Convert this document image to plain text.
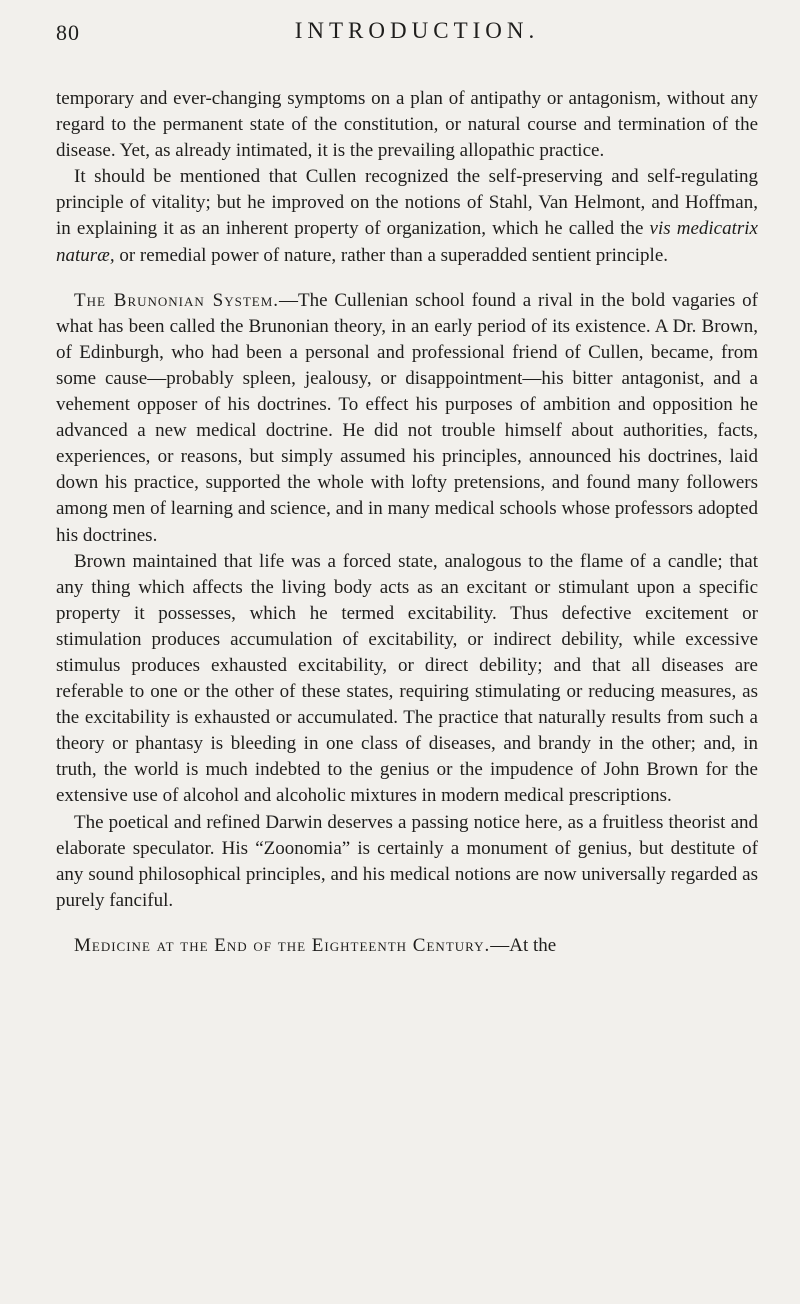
80	INTRODUCTION.

temporary and ever-changing symptoms on a plan of antipathy or antagonism, without any regard to the permanent state of the constitution, or natural course and termination of the disease. Yet, as already intimated, it is the prevailing allopathic practice.

It should be mentioned that Cullen recognized the self-preserving and self-regulating principle of vitality; but he improved on the notions of Stahl, Van Helmont, and Hoffman, in explaining it as an inherent property of organization, which he called the vis medicatrix naturæ, or remedial power of nature, rather than a superadded sentient principle.

The Brunonian System.—The Cullenian school found a rival in the bold vagaries of what has been called the Brunonian theory, in an early period of its existence. A Dr. Brown, of Edinburgh, who had been a personal and professional friend of Cullen, became, from some cause—probably spleen, jealousy, or disappointment—his bitter antagonist, and a vehement opposer of his doctrines. To effect his purposes of ambition and opposition he advanced a new medical doctrine. He did not trouble himself about authorities, facts, experiences, or reasons, but simply assumed his principles, announced his doctrines, laid down his practice, supported the whole with lofty pretensions, and found many followers among men of learning and science, and in many medical schools whose professors adopted his doctrines.

Brown maintained that life was a forced state, analogous to the flame of a candle; that any thing which affects the living body acts as an excitant or stimulant upon a specific property it possesses, which he termed excitability. Thus defective excitement or stimulation produces accumulation of excitability, or indirect debility, while excessive stimulus produces exhausted excitability, or direct debility; and that all diseases are referable to one or the other of these states, requiring stimulating or reducing measures, as the excitability is exhausted or accumulated. The practice that naturally results from such a theory or phantasy is bleeding in one class of diseases, and brandy in the other; and, in truth, the world is much indebted to the genius or the impudence of John Brown for the extensive use of alcohol and alcoholic mixtures in modern medical prescriptions.

The poetical and refined Darwin deserves a passing notice here, as a fruitless theorist and elaborate speculator. His “Zoonomia” is certainly a monument of genius, but destitute of any sound philosophical principles, and his medical notions are now universally regarded as purely fanciful.

Medicine at the End of the Eighteenth Century.—At the
